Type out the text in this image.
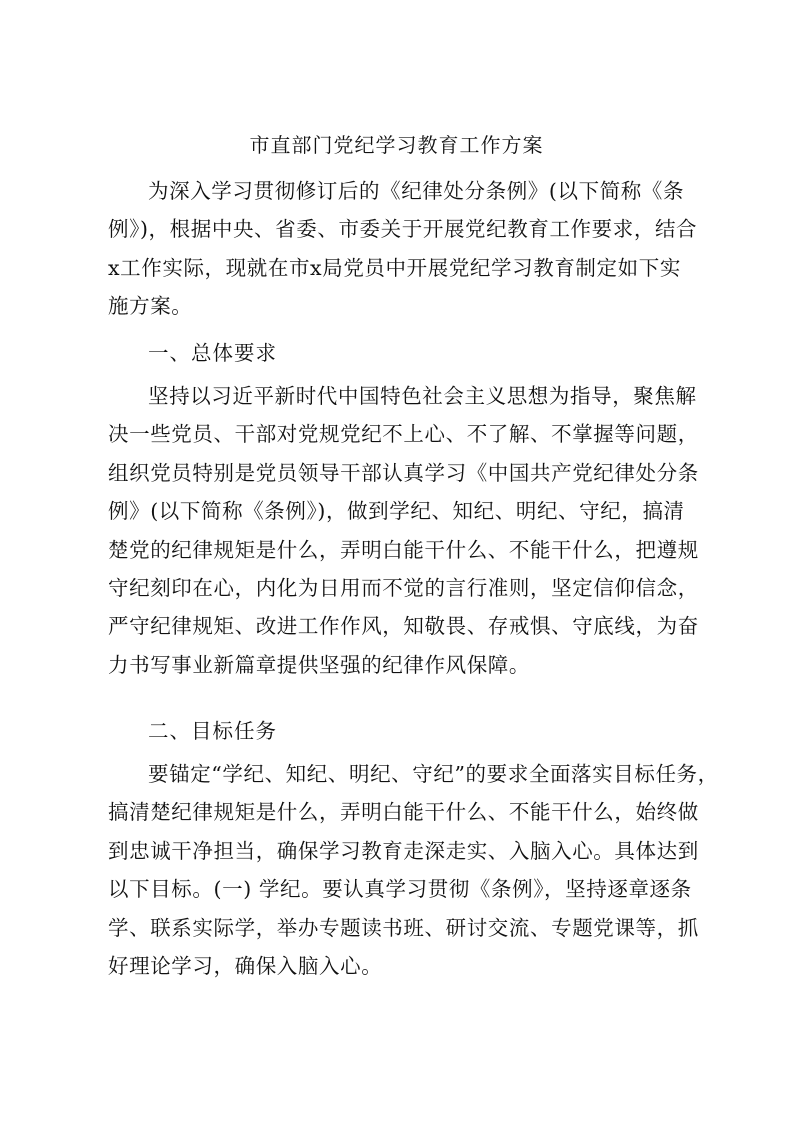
市直部门党纪学习教育工作方案
为深入学习贯彻修订后的《纪律处分条例》(以下简称《条
例》)，根据中央、省委、市委关于开展党纪教育工作要求，结合
x工作实际，现就在市x局党员中开展党纪学习教育制定如下实
施方案。
一、总体要求
坚持以习近平新时代中国特色社会主义思想为指导，聚焦解
决一些党员、干部对党规党纪不上心、不了解、不掌握等问题，
组织党员特别是党员领导干部认真学习《中国共产党纪律处分条
例》(以下简称《条例》)，做到学纪、知纪、明纪、守纪，搞清
楚党的纪律规矩是什么，弄明白能干什么、不能干什么，把遵规
守纪刻印在心，内化为日用而不觉的言行准则，坚定信仰信念，
严守纪律规矩、改进工作作风，知敬畏、存戒惧、守底线，为奋
力书写事业新篇章提供坚强的纪律作风保障。
二、目标任务
要锚定“学纪、知纪、明纪、守纪”的要求全面落实目标任务，
搞清楚纪律规矩是什么，弄明白能干什么、不能干什么，始终做
到忠诚干净担当，确保学习教育走深走实、入脑入心。具体达到
以下目标。(一) 学纪。要认真学习贯彻《条例》，坚持逐章逐条
学、联系实际学，举办专题读书班、研讨交流、专题党课等，抓
好理论学习，确保入脑入心。
